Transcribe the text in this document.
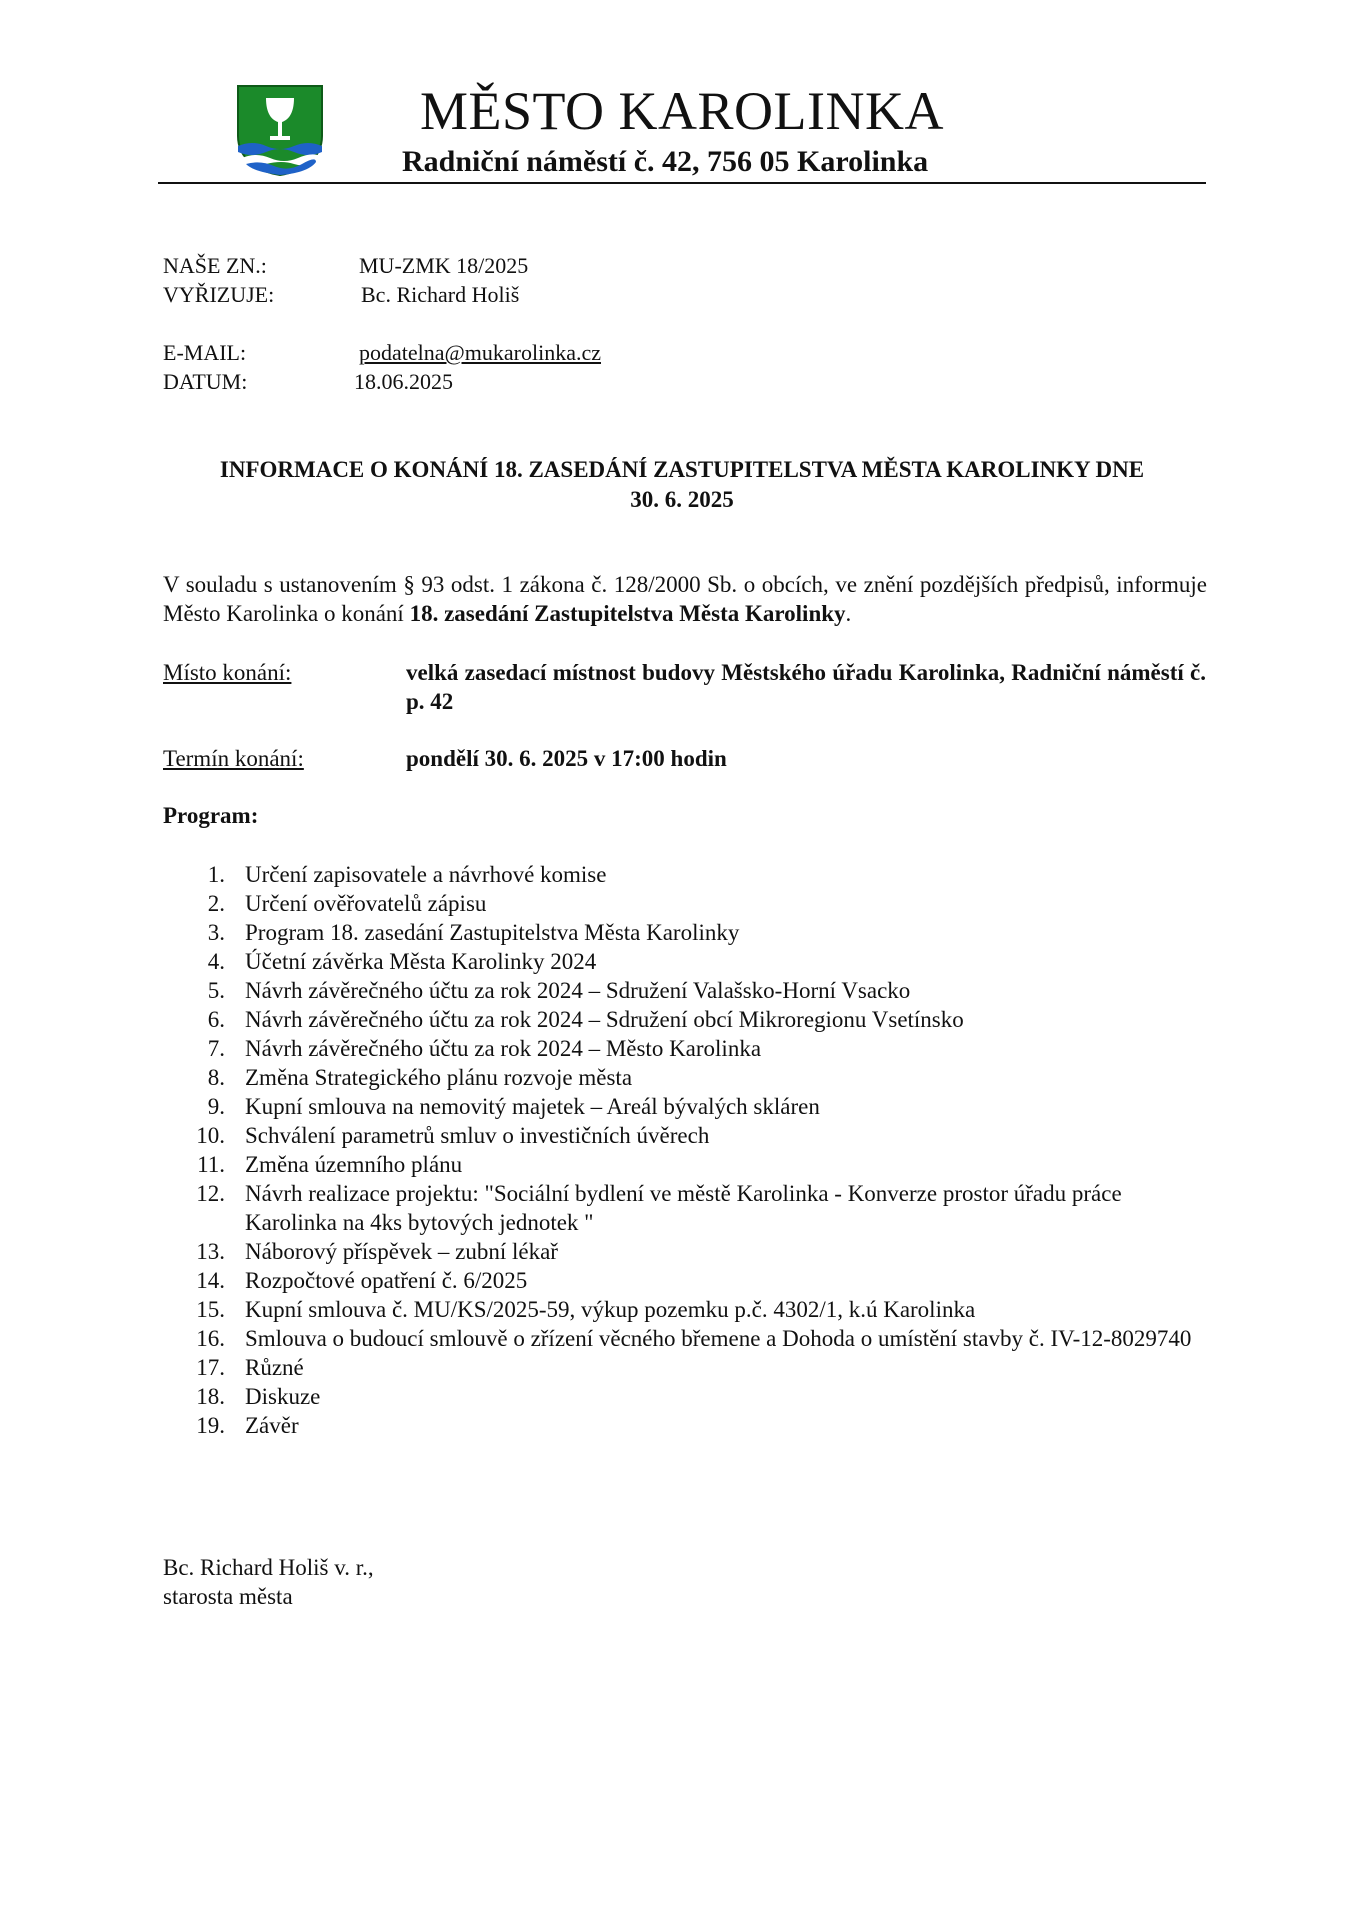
MĚSTO KAROLINKA
Radniční náměstí č. 42, 756 05 Karolinka
NAŠE ZN.:	MU-ZMK 18/2025
VYŘIZUJE:	Bc. Richard Holiš
E-MAIL:	podatelna@mukarolinka.cz
DATUM:	18.06.2025
INFORMACE O KONÁNÍ 18. ZASEDÁNÍ ZASTUPITELSTVA MĚSTA KAROLINKY DNE
30. 6. 2025
V souladu s ustanovením § 93 odst. 1 zákona č. 128/2000 Sb. o obcích, ve znění pozdějších předpisů, informuje Město Karolinka o konání 18. zasedání Zastupitelstva Města Karolinky.
Místo konání:	velká zasedací místnost budovy Městského úřadu Karolinka, Radniční náměstí č. p. 42
Termín konání:	pondělí 30. 6. 2025 v 17:00 hodin
Program:
1. Určení zapisovatele a návrhové komise
2. Určení ověřovatelů zápisu
3. Program 18. zasedání Zastupitelstva Města Karolinky
4. Účetní závěrka Města Karolinky 2024
5. Návrh závěrečného účtu za rok 2024 – Sdružení Valašsko-Horní Vsacko
6. Návrh závěrečného účtu za rok 2024 – Sdružení obcí Mikroregionu Vsetínsko
7. Návrh závěrečného účtu za rok 2024 – Město Karolinka
8. Změna Strategického plánu rozvoje města
9. Kupní smlouva na nemovitý majetek – Areál bývalých skláren
10. Schválení parametrů smluv o investičních úvěrech
11. Změna územního plánu
12. Návrh realizace projektu: "Sociální bydlení ve městě Karolinka - Konverze prostor úřadu práce Karolinka na 4ks bytových jednotek "
13. Náborový příspěvek – zubní lékař
14. Rozpočtové opatření č. 6/2025
15. Kupní smlouva č. MU/KS/2025-59, výkup pozemku p.č. 4302/1, k.ú Karolinka
16. Smlouva o budoucí smlouvě o zřízení věcného břemene a Dohoda o umístění stavby č. IV-12-8029740
17. Různé
18. Diskuze
19. Závěr
Bc. Richard Holiš v. r.,
starosta města
